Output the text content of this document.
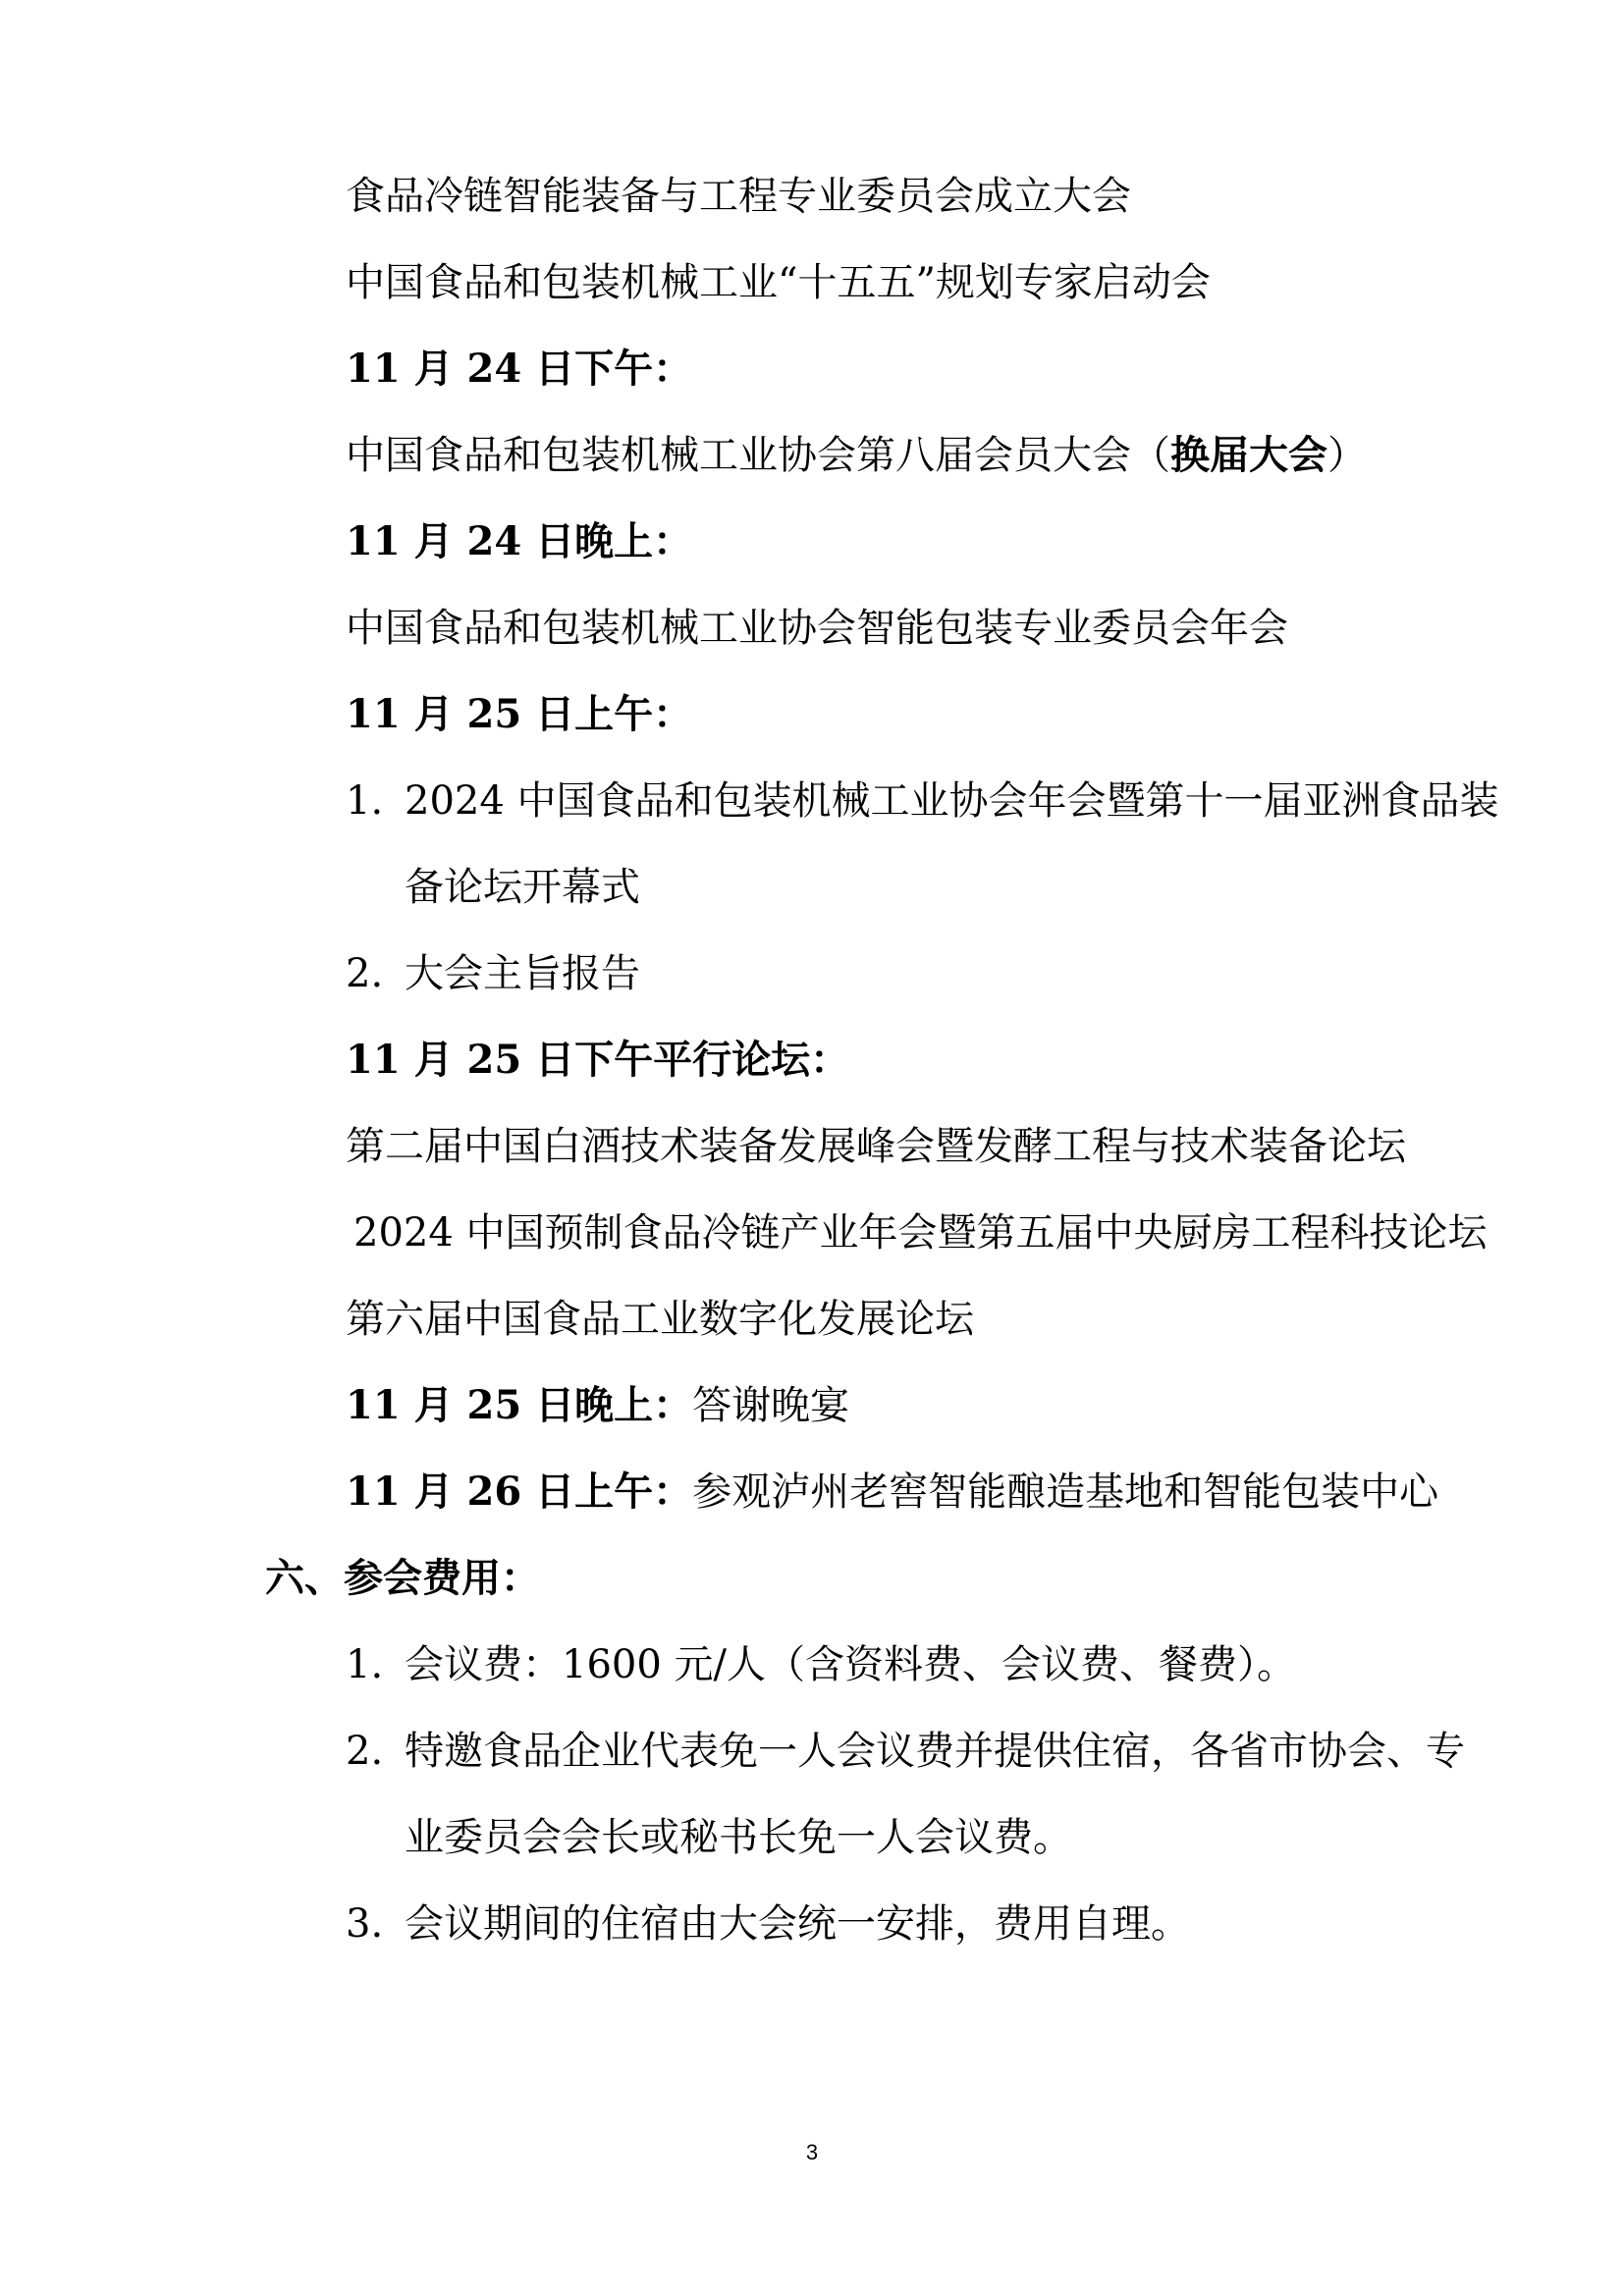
食品冷链智能装备与工程专业委员会成立大会
中国食品和包装机械工业“十五五”规划专家启动会
11 月 24 日下午：
中国食品和包装机械工业协会第八届会员大会（换届大会）
11 月 24 日晚上：
中国食品和包装机械工业协会智能包装专业委员会年会
11 月 25 日上午：
1. 2024 中国食品和包装机械工业协会年会暨第十一届亚洲食品装
备论坛开幕式
2. 大会主旨报告
11 月 25 日下午平行论坛：
第二届中国白酒技术装备发展峰会暨发酵工程与技术装备论坛
2024 中国预制食品冷链产业年会暨第五届中央厨房工程科技论坛
第六届中国食品工业数字化发展论坛
11 月 25 日晚上：答谢晚宴
11 月 26 日上午：参观泸州老窖智能酿造基地和智能包装中心
六、参会费用：
1. 会议费：1600 元/人（含资料费、会议费、餐费）。
2. 特邀食品企业代表免一人会议费并提供住宿，各省市协会、专
业委员会会长或秘书长免一人会议费。
3. 会议期间的住宿由大会统一安排，费用自理。
3
